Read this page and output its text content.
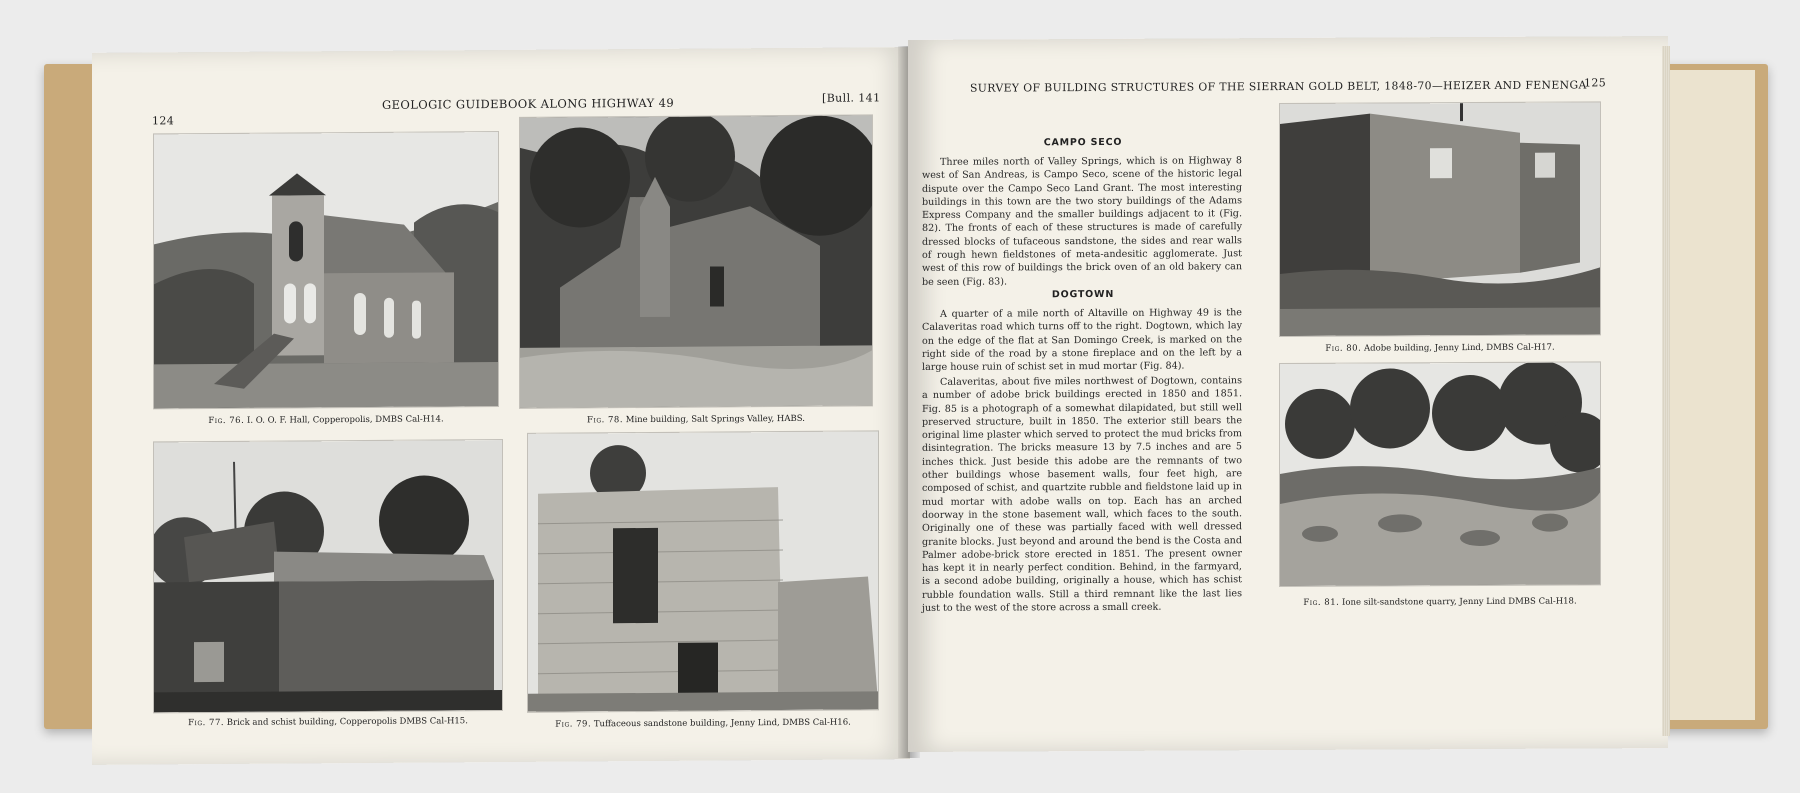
124
GEOLOGIC GUIDEBOOK ALONG HIGHWAY 49	[Bull. 141
Fig. 76. I. O. O. F. Hall, Copperopolis, DMBS Cal-H14.	Fig. 78. Mine building, Salt Springs Valley, HABS.
Fig. 77. Brick and schist building, Copperopolis DMBS Cal-H15.	Fig. 79. Tuffaceous sandstone building, Jenny Lind, DMBS Cal-H16.
SURVEY OF BUILDING STRUCTURES OF THE SIERRAN GOLD BELT, 1848-70—HEIZER AND FENENGA
125
CAMPO SECO
Three miles north of Valley Springs, which is on Highway 8 west of San Andreas, is Campo Seco, scene of the historic legal dispute over the Campo Seco Land Grant. The most interesting buildings in this town are the two story buildings of the Adams Express Company and the smaller buildings adjacent to it (Fig. 82). The fronts of each of these structures is made of carefully dressed blocks of tufaceous sandstone, the sides and rear walls of rough hewn fieldstones of meta-andesitic agglomerate. Just west of this row of buildings the brick oven of an old bakery can be seen (Fig. 83).
DOGTOWN
A quarter of a mile north of Altaville on Highway 49 is the Calaveritas road which turns off to the right. Dogtown, which lay on the edge of the flat at San Domingo Creek, is marked on the right side of the road by a stone fireplace and on the left by a large house ruin of schist set in mud mortar (Fig. 84).
Calaveritas, about five miles northwest of Dogtown, contains a number of adobe brick buildings erected in 1850 and 1851. Fig. 85 is a photograph of a somewhat dilapidated, but still well preserved structure, built in 1850. The exterior still bears the original lime plaster which served to protect the mud bricks from disintegration. The bricks measure 13 by 7.5 inches and are 5 inches thick. Just beside this adobe are the remnants of two other buildings whose basement walls, four feet high, are composed of schist, and quartzite rubble and fieldstone laid up in mud mortar with adobe walls on top. Each has an arched doorway in the stone basement wall, which faces to the south. Originally one of these was partially faced with well dressed granite blocks. Just beyond and around the bend is the Costa and Palmer adobe-brick store erected in 1851. The present owner has kept it in nearly perfect condition. Behind, in the farmyard, is a second adobe building, originally a house, which has schist rubble foundation walls. Still a third remnant like the last lies just to the west of the store across a small creek.
Fig. 80. Adobe building, Jenny Lind, DMBS Cal-H17.
Fig. 81. Ione silt-sandstone quarry, Jenny Lind DMBS Cal-H18.
